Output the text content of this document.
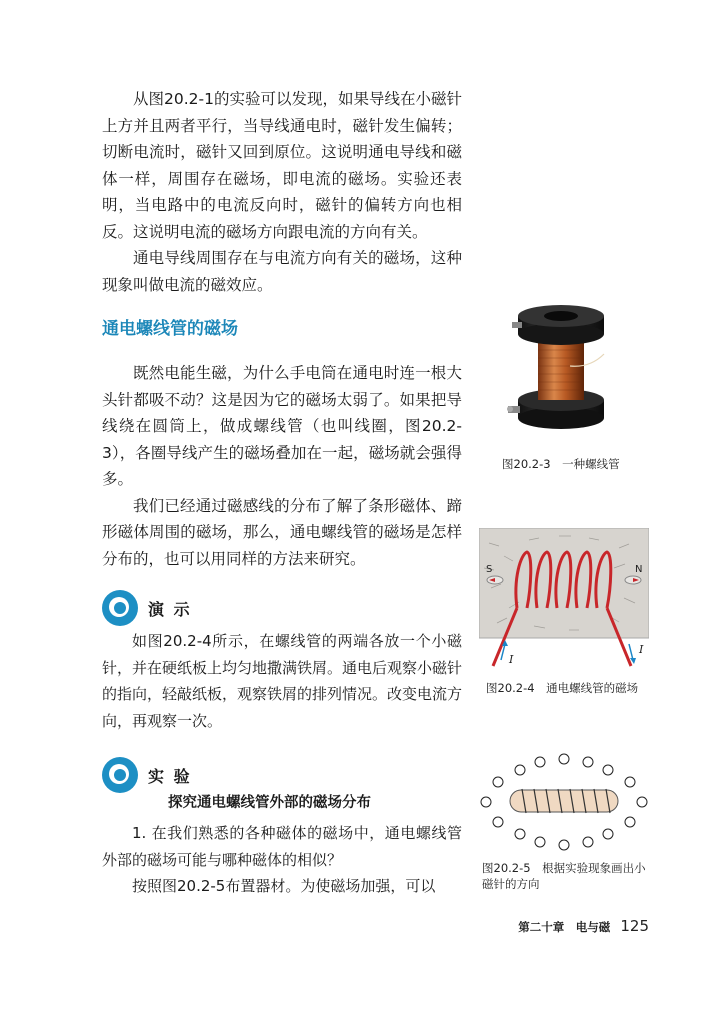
从图20.2-1的实验可以发现，如果导线在小磁针上方并且两者平行，当导线通电时，磁针发生偏转；切断电流时，磁针又回到原位。这说明通电导线和磁体一样，周围存在磁场，即电流的磁场。实验还表明，当电路中的电流反向时，磁针的偏转方向也相反。这说明电流的磁场方向跟电流的方向有关。

通电导线周围存在与电流方向有关的磁场，这种现象叫做电流的磁效应。

通电螺线管的磁场

既然电能生磁，为什么手电筒在通电时连一根大头针都吸不动？这是因为它的磁场太弱了。如果把导线绕在圆筒上，做成螺线管（也叫线圈，图20.2-3），各圈导线产生的磁场叠加在一起，磁场就会强得多。

我们已经通过磁感线的分布了解了条形磁体、蹄形磁体周围的磁场，那么，通电螺线管的磁场是怎样分布的，也可以用同样的方法来研究。

演 示

如图20.2-4所示，在螺线管的两端各放一个小磁针，并在硬纸板上均匀地撒满铁屑。通电后观察小磁针的指向，轻敲纸板，观察铁屑的排列情况。改变电流方向，再观察一次。

实 验
探究通电螺线管外部的磁场分布

1. 在我们熟悉的各种磁体的磁场中，通电螺线管外部的磁场可能与哪种磁体的相似？

按照图20.2-5布置器材。为使磁场加强，可以

图20.2-3　一种螺线管
S	N
I
I
图20.2-4　通电螺线管的磁场
图20.2-5　根据实验现象画出小磁针的方向
第二十章　电与磁 125
